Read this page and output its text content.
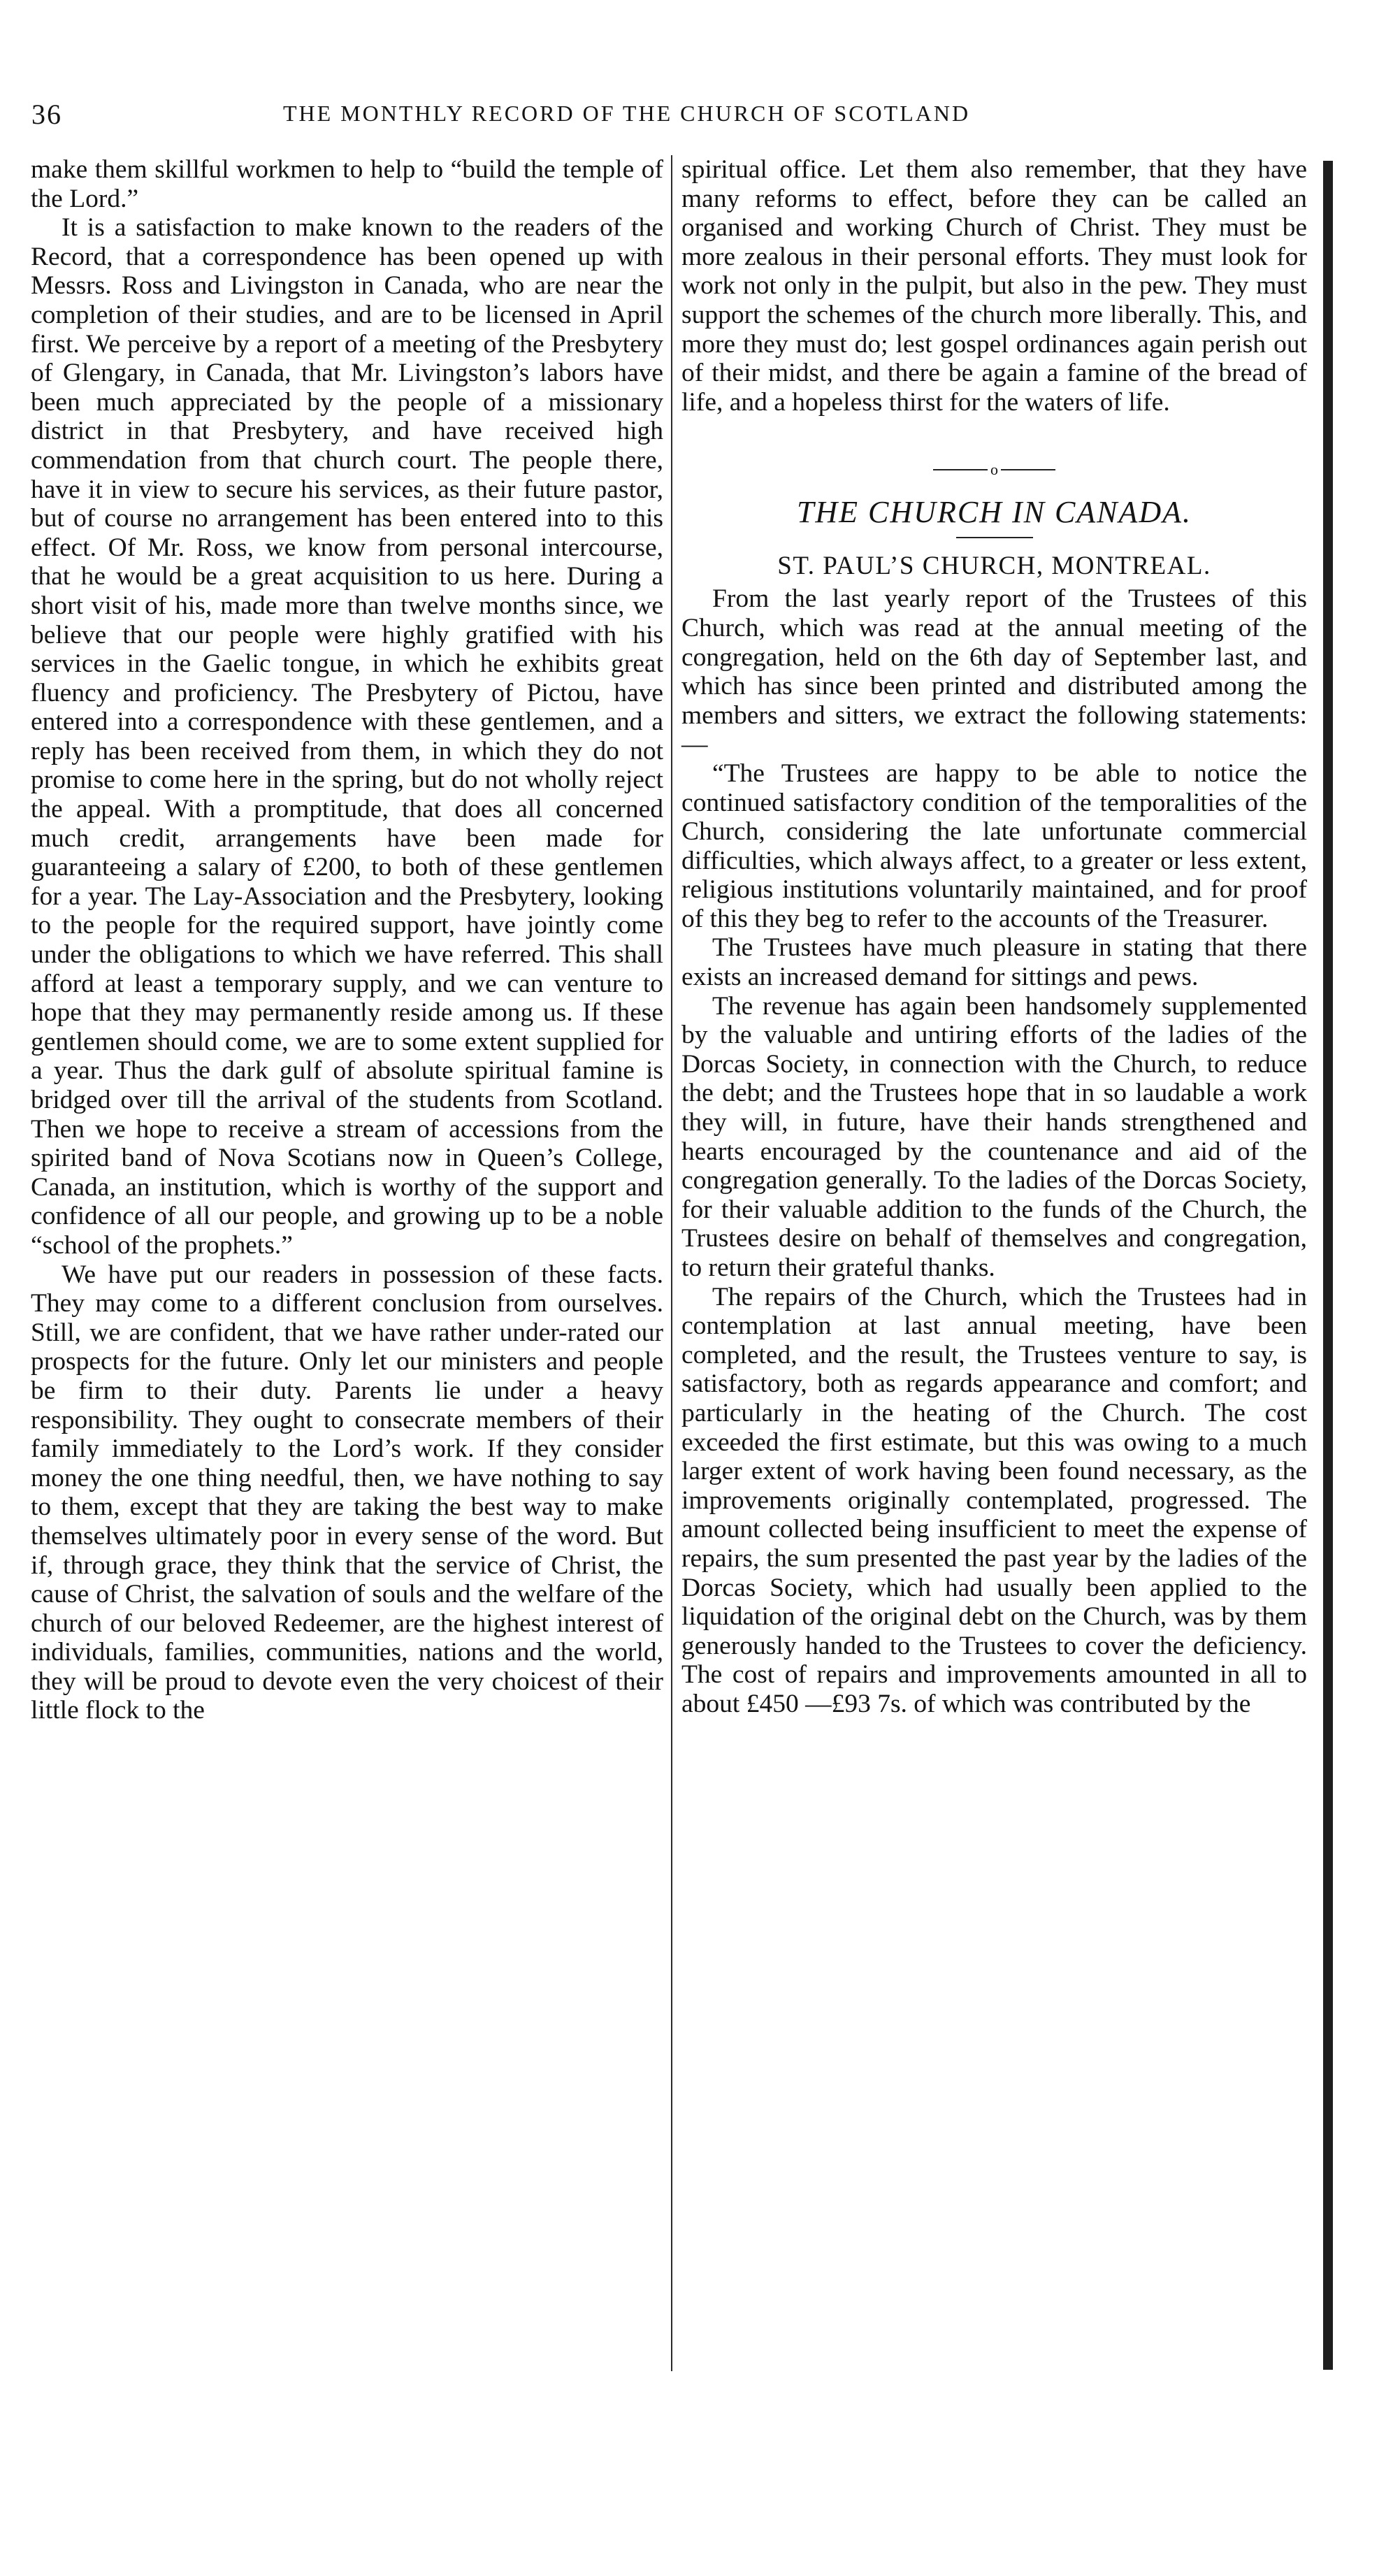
36	THE MONTHLY RECORD OF THE CHURCH OF SCOTLAND

make them skillful workmen to help to “build the temple of the Lord.”

It is a satisfaction to make known to the readers of the Record, that a correspondence has been opened up with Messrs. Ross and Livingston in Canada, who are near the completion of their studies, and are to be licensed in April first. We perceive by a report of a meeting of the Presbytery of Glengary, in Canada, that Mr. Livingston’s labors have been much appreciated by the people of a missionary district in that Presbytery, and have received high commendation from that church court. The people there, have it in view to secure his services, as their future pastor, but of course no arrangement has been entered into to this effect. Of Mr. Ross, we know from personal intercourse, that he would be a great acquisition to us here. During a short visit of his, made more than twelve months since, we believe that our people were highly gratified with his services in the Gaelic tongue, in which he exhibits great fluency and proficiency. The Presbytery of Pictou, have entered into a correspondence with these gentlemen, and a reply has been received from them, in which they do not promise to come here in the spring, but do not wholly reject the appeal. With a promptitude, that does all concerned much credit, arrangements have been made for guaranteeing a salary of £200, to both of these gentlemen for a year. The Lay-Association and the Presbytery, looking to the people for the required support, have jointly come under the obligations to which we have referred. This shall afford at least a temporary supply, and we can venture to hope that they may permanently reside among us. If these gentlemen should come, we are to some extent supplied for a year. Thus the dark gulf of absolute spiritual famine is bridged over till the arrival of the students from Scotland. Then we hope to receive a stream of accessions from the spirited band of Nova Scotians now in Queen’s College, Canada, an institution, which is worthy of the support and confidence of all our people, and growing up to be a noble “school of the prophets.”

We have put our readers in possession of these facts. They may come to a different conclusion from ourselves. Still, we are confident, that we have rather under-rated our prospects for the future. Only let our ministers and people be firm to their duty. Parents lie under a heavy responsibility. They ought to consecrate members of their family immediately to the Lord’s work. If they consider money the one thing needful, then, we have nothing to say to them, except that they are taking the best way to make themselves ultimately poor in every sense of the word. But if, through grace, they think that the service of Christ, the cause of Christ, the salvation of souls and the welfare of the church of our beloved Redeemer, are the highest interest of individuals, families, communities, nations and the world, they will be proud to devote even the very choicest of their little flock to the

spiritual office. Let them also remember, that they have many reforms to effect, before they can be called an organised and working Church of Christ. They must be more zealous in their personal efforts. They must look for work not only in the pulpit, but also in the pew. They must support the schemes of the church more liberally. This, and more they must do; lest gospel ordinances again perish out of their midst, and there be again a famine of the bread of life, and a hopeless thirst for the waters of life.

o
THE CHURCH IN CANADA.
ST. PAUL’S CHURCH, MONTREAL.

From the last yearly report of the Trustees of this Church, which was read at the annual meeting of the congregation, held on the 6th day of September last, and which has since been printed and distributed among the members and sitters, we extract the following statements:—

“The Trustees are happy to be able to notice the continued satisfactory condition of the temporalities of the Church, considering the late unfortunate commercial difficulties, which always affect, to a greater or less extent, religious institutions voluntarily maintained, and for proof of this they beg to refer to the accounts of the Treasurer.

The Trustees have much pleasure in stating that there exists an increased demand for sittings and pews.

The revenue has again been handsomely supplemented by the valuable and untiring efforts of the ladies of the Dorcas Society, in connection with the Church, to reduce the debt; and the Trustees hope that in so laudable a work they will, in future, have their hands strengthened and hearts encouraged by the countenance and aid of the congregation generally. To the ladies of the Dorcas Society, for their valuable addition to the funds of the Church, the Trustees desire on behalf of themselves and congregation, to return their grateful thanks.

The repairs of the Church, which the Trustees had in contemplation at last annual meeting, have been completed, and the result, the Trustees venture to say, is satisfactory, both as regards appearance and comfort; and particularly in the heating of the Church. The cost exceeded the first estimate, but this was owing to a much larger extent of work having been found necessary, as the improvements originally contemplated, progressed. The amount collected being insufficient to meet the expense of repairs, the sum presented the past year by the ladies of the Dorcas Society, which had usually been applied to the liquidation of the original debt on the Church, was by them generously handed to the Trustees to cover the deficiency. The cost of repairs and improvements amounted in all to about £450 —£93 7s. of which was contributed by the
